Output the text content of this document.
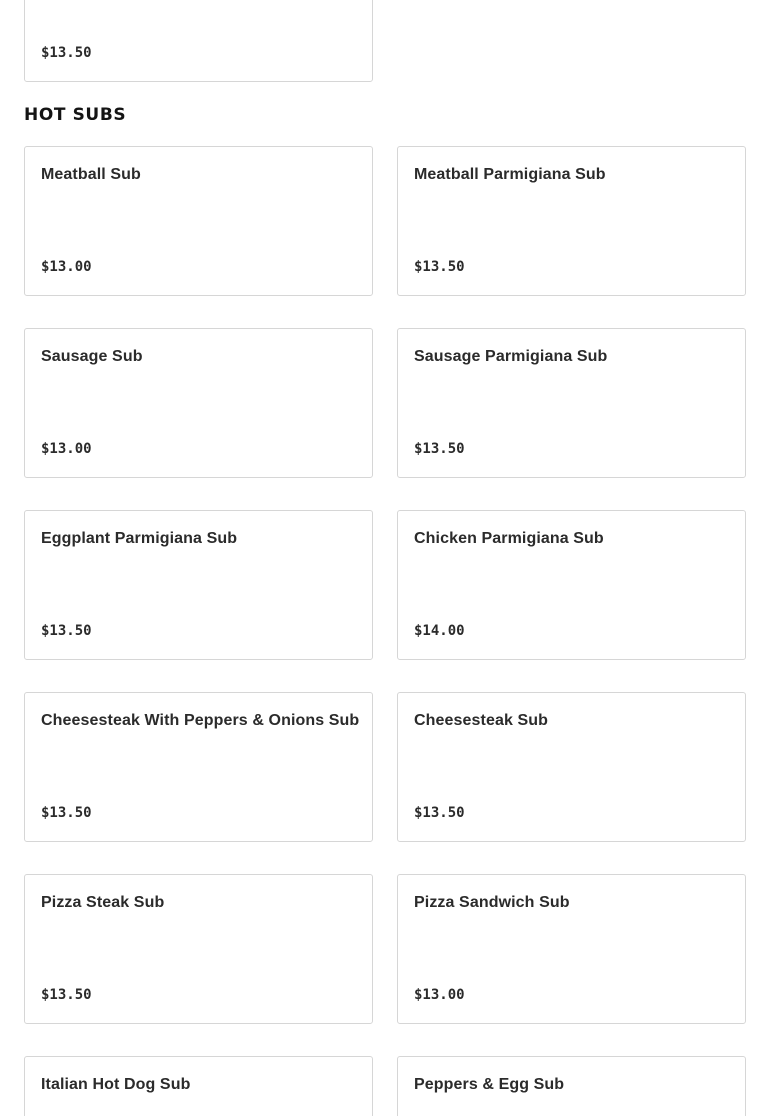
$13.50
HOT SUBS
Meatball Sub
$13.00
Meatball Parmigiana Sub
$13.50
Sausage Sub
$13.00
Sausage Parmigiana Sub
$13.50
Eggplant Parmigiana Sub
$13.50
Chicken Parmigiana Sub
$14.00
Cheesesteak With Peppers & Onions Sub
$13.50
Cheesesteak Sub
$13.50
Pizza Steak Sub
$13.50
Pizza Sandwich Sub
$13.00
Italian Hot Dog Sub	Peppers & Egg Sub
